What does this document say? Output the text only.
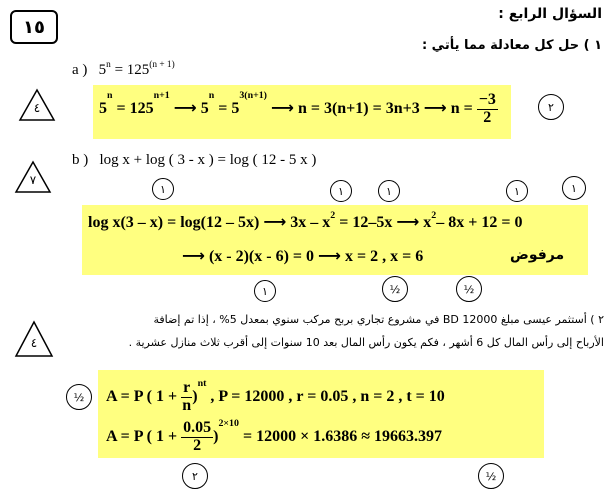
١٥
السؤال الرابع :
١ ) حل كل معادلة مما يأتي :
a ) $5^n = 125^{(n + 1)}$
٤	$5^n = 125^{n+1}$ ⟶ $5^n = 5^{3(n+1)}$ ⟶ n = 3(n+1) = 3n+3 ⟶ $n = \frac{-3}{2}$	٢
b ) log x + log ( 3 - x ) = log ( 12 - 5 x )
٧
١	١	١	١	١
log x(3 – x) = log(12 – 5x) ⟶ $3x - x^2 = 12-5x$ ⟶ $x^2-$ 8x + 12 = 0
⟶ (x - 2)(x - 6) = 0 ⟶ x = 2 , x = 6	مرفوض
١	½	½
٤
٢ ) أستثمر عيسى مبلغ BD 12000 في مشروع تجاري بربح مركب سنوي بمعدل 5% ، إذا تم إضافة
الأرباح إلى رأس المال كل 6 أشهر ، فكم يكون رأس المال بعد 10 سنوات إلى أقرب ثلاث منازل عشرية .
A = P ( $1 + \frac{r}{n} )^{nt}$ , P = 12000 , r = 0.05 , n = 2 , t = 10
A = P ( $1 + \frac{0.05}{2} )^{2\times 10} = 12000 \times 1.6386 \approx 19663.397$
½
٢	½
